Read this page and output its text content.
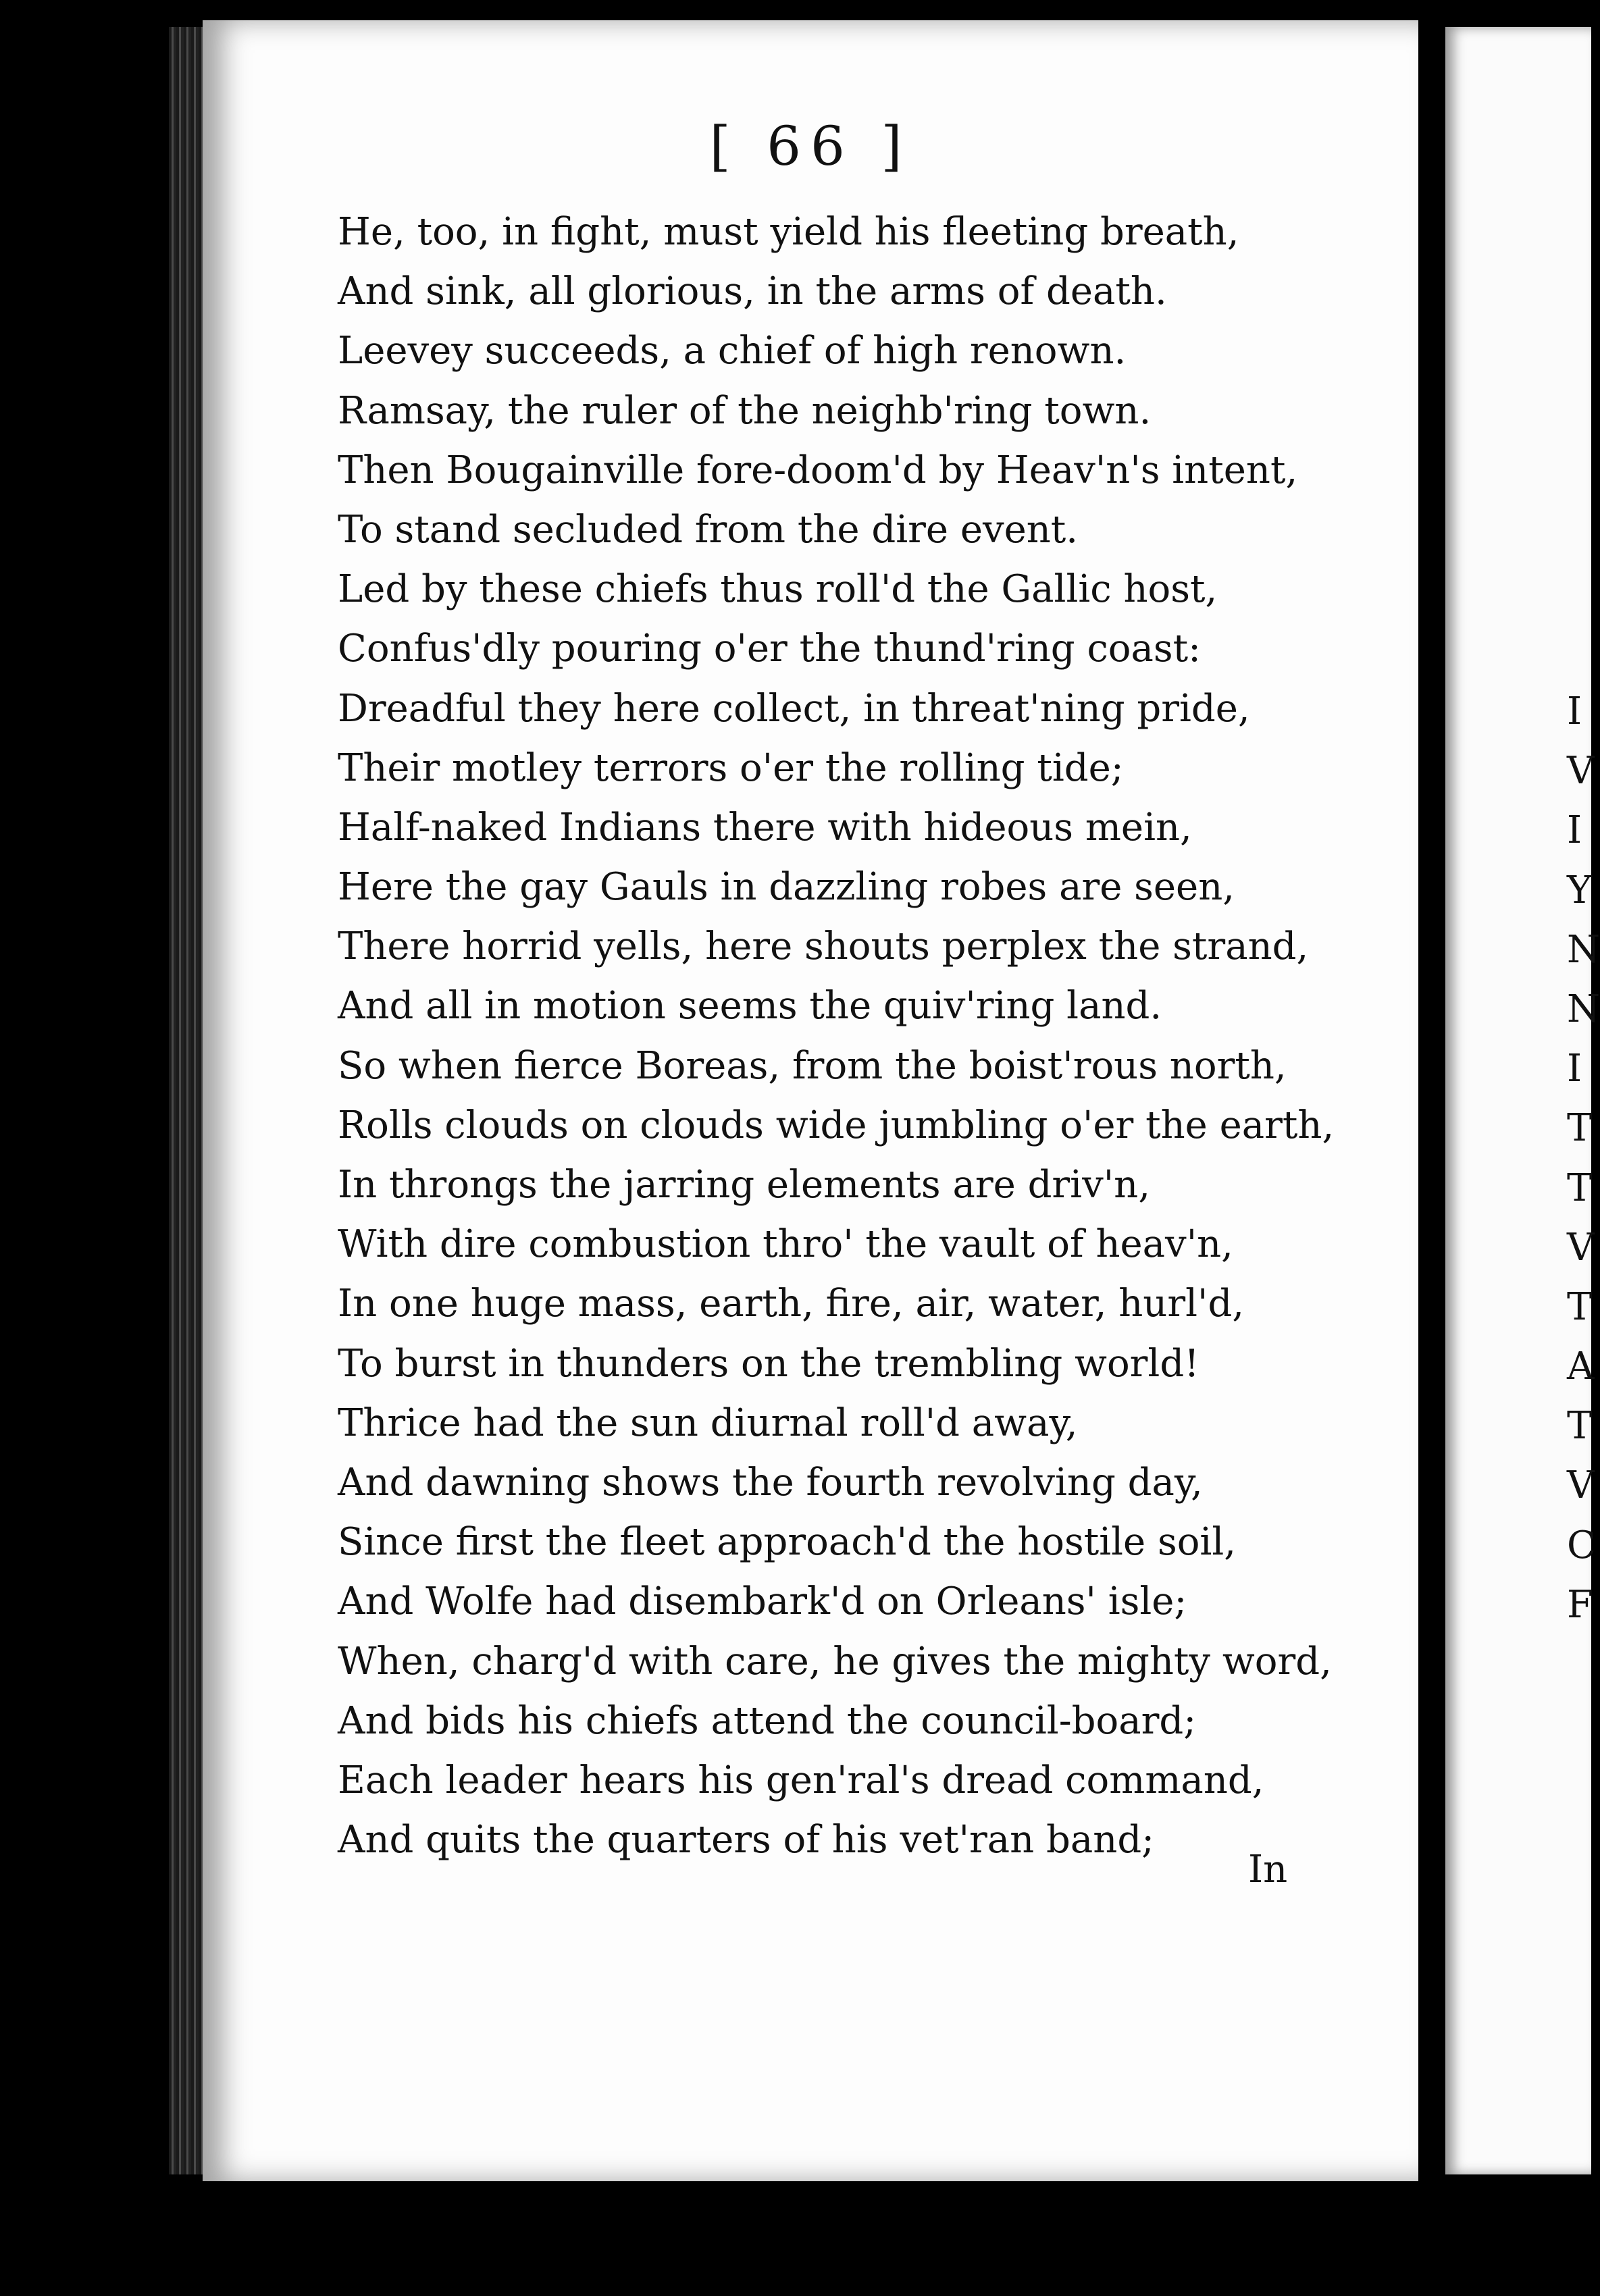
[ 66 ]
He, too, in fight, must yield his fleeting breath,
And sink, all glorious, in the arms of death.
Leevey succeeds, a chief of high renown.
Ramsay, the ruler of the neighb'ring town.
Then Bougainville fore-doom'd by Heav'n's intent,
To stand secluded from the dire event.
Led by these chiefs thus roll'd the Gallic host,
Confus'dly pouring o'er the thund'ring coast:
Dreadful they here collect, in threat'ning pride,
Their motley terrors o'er the rolling tide;
Half-naked Indians there with hideous mein,
Here the gay Gauls in dazzling robes are seen,
There horrid yells, here shouts perplex the strand,
And all in motion seems the quiv'ring land.
So when fierce Boreas, from the boist'rous north,
Rolls clouds on clouds wide jumbling o'er the earth,
In throngs the jarring elements are driv'n,
With dire combustion thro' the vault of heav'n,
In one huge mass, earth, fire, air, water, hurl'd,
To burst in thunders on the trembling world!
Thrice had the sun diurnal roll'd away,
And dawning shows the fourth revolving day,
Since first the fleet approach'd the hostile soil,
And Wolfe had disembark'd on Orleans' isle;
When, charg'd with care, he gives the mighty word,
And bids his chiefs attend the council-board;
Each leader hears his gen'ral's dread command,
And quits the quarters of his vet'ran band;
In
I
V
I
Y
N
N
I
T
T
V
T
A
T
V
C
F
